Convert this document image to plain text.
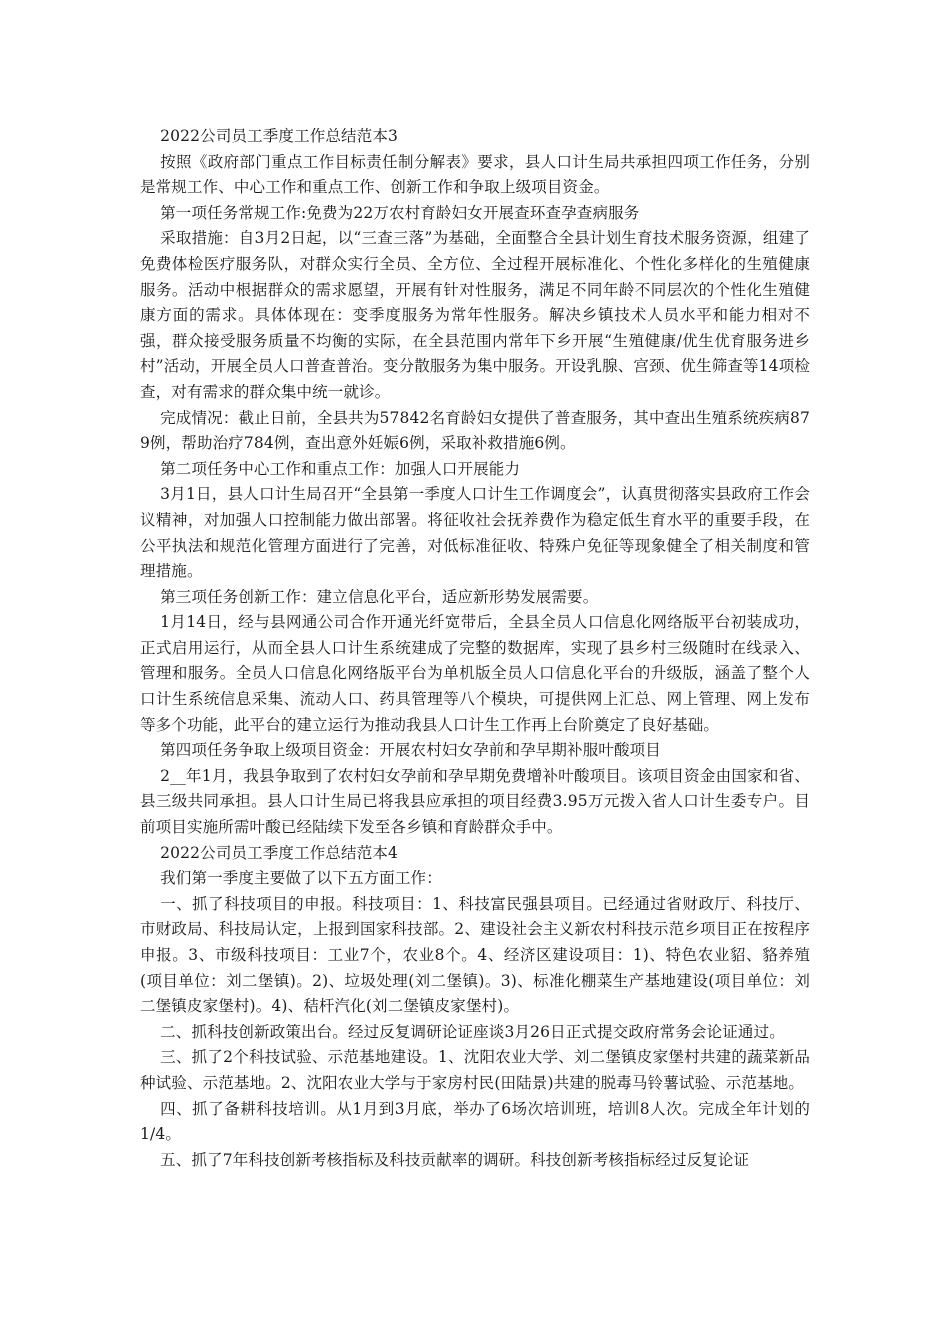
2022公司员工季度工作总结范本3

按照《政府部门重点工作目标责任制分解表》要求，县人口计生局共承担四项工作任务，分别是常规工作、中心工作和重点工作、创新工作和争取上级项目资金。

第一项任务常规工作:免费为22万农村育龄妇女开展查环查孕查病服务

采取措施：自3月2日起，以“三查三落”为基础，全面整合全县计划生育技术服务资源，组建了免费体检医疗服务队，对群众实行全员、全方位、全过程开展标准化、个性化多样化的生殖健康服务。活动中根据群众的需求愿望，开展有针对性服务，满足不同年龄不同层次的个性化生殖健康方面的需求。具体体现在：变季度服务为常年性服务。解决乡镇技术人员水平和能力相对不强，群众接受服务质量不均衡的实际，在全县范围内常年下乡开展“生殖健康/优生优育服务进乡村”活动，开展全员人口普查普治。变分散服务为集中服务。开设乳腺、宫颈、优生筛查等14项检查，对有需求的群众集中统一就诊。

完成情况：截止日前，全县共为57842名育龄妇女提供了普查服务，其中查出生殖系统疾病879例，帮助治疗784例，查出意外妊娠6例，采取补救措施6例。

第二项任务中心工作和重点工作：加强人口开展能力

3月1日，县人口计生局召开“全县第一季度人口计生工作调度会”，认真贯彻落实县政府工作会议精神，对加强人口控制能力做出部署。将征收社会抚养费作为稳定低生育水平的重要手段，在公平执法和规范化管理方面进行了完善，对低标准征收、特殊户免征等现象健全了相关制度和管理措施。

第三项任务创新工作：建立信息化平台，适应新形势发展需要。

1月14日，经与县网通公司合作开通光纤宽带后，全县全员人口信息化网络版平台初装成功，正式启用运行，从而全县人口计生系统建成了完整的数据库，实现了县乡村三级随时在线录入、管理和服务。全员人口信息化网络版平台为单机版全员人口信息化平台的升级版，涵盖了整个人口计生系统信息采集、流动人口、药具管理等八个模块，可提供网上汇总、网上管理、网上发布等多个功能，此平台的建立运行为推动我县人口计生工作再上台阶奠定了良好基础。

第四项任务争取上级项目资金：开展农村妇女孕前和孕早期补服叶酸项目

2__年1月，我县争取到了农村妇女孕前和孕早期免费增补叶酸项目。该项目资金由国家和省、县三级共同承担。县人口计生局已将我县应承担的项目经费3.95万元拨入省人口计生委专户。目前项目实施所需叶酸已经陆续下发至各乡镇和育龄群众手中。

2022公司员工季度工作总结范本4

我们第一季度主要做了以下五方面工作：

一、抓了科技项目的申报。科技项目：1、科技富民强县项目。已经通过省财政厅、科技厅、市财政局、科技局认定，上报到国家科技部。2、建设社会主义新农村科技示范乡项目正在按程序申报。3、市级科技项目：工业7个，农业8个。4、经济区建设项目：1)、特色农业貂、貉养殖(项目单位：刘二堡镇)。2)、垃圾处理(刘二堡镇)。3)、标准化棚菜生产基地建设(项目单位：刘二堡镇皮家堡村)。4)、秸杆汽化(刘二堡镇皮家堡村)。

二、抓科技创新政策出台。经过反复调研论证座谈3月26日正式提交政府常务会论证通过。

三、抓了2个科技试验、示范基地建设。1、沈阳农业大学、刘二堡镇皮家堡村共建的蔬菜新品种试验、示范基地。2、沈阳农业大学与于家房村民(田陆景)共建的脱毒马铃薯试验、示范基地。

四、抓了备耕科技培训。从1月到3月底，举办了6场次培训班，培训8人次。完成全年计划的1/4。

五、抓了7年科技创新考核指标及科技贡献率的调研。科技创新考核指标经过反复论证
